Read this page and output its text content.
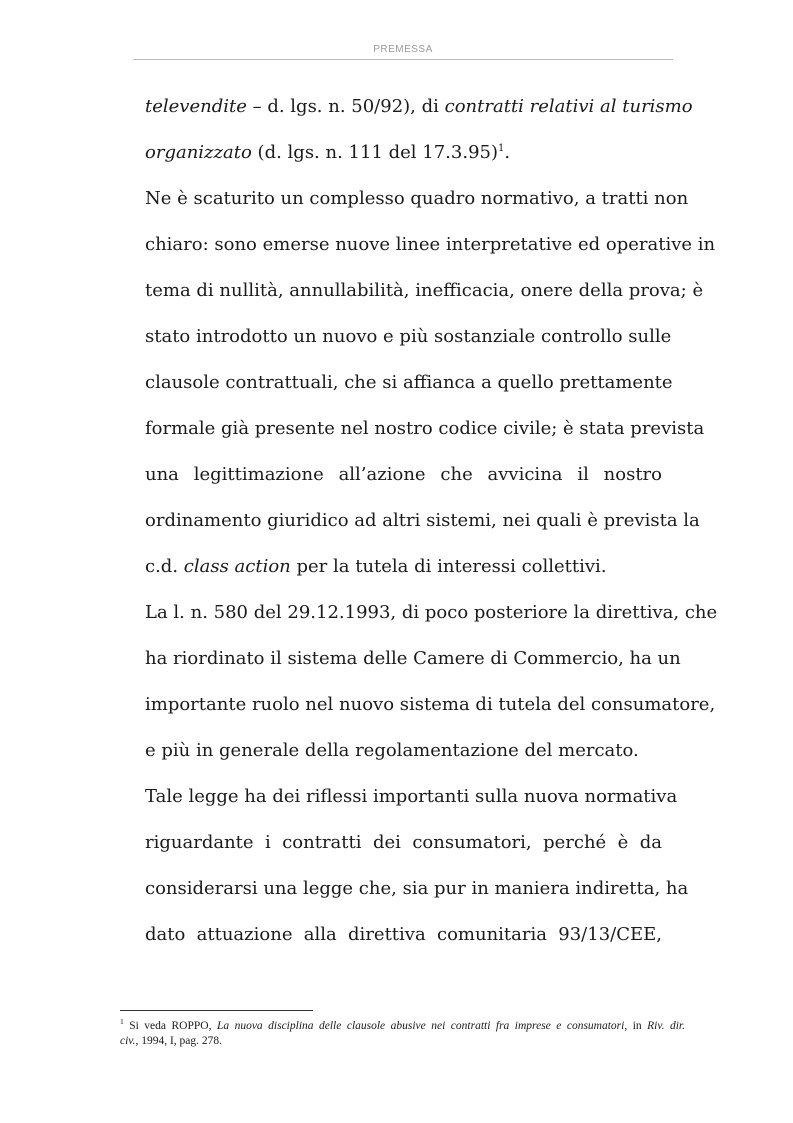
PREMESSA
televendite – d. lgs. n. 50/92), di contratti relativi al turismo
organizzato (d. lgs. n. 111 del 17.3.95)$^1$.
Ne è scaturito un complesso quadro normativo, a tratti non
chiaro: sono emerse nuove linee interpretative ed operative in
tema di nullità, annullabilità, inefficacia, onere della prova; è
stato introdotto un nuovo e più sostanziale controllo sulle
clausole contrattuali, che si affianca a quello prettamente
formale già presente nel nostro codice civile; è stata prevista
una legittimazione all’azione che avvicina il nostro
ordinamento giuridico ad altri sistemi, nei quali è prevista la
c.d. class action per la tutela di interessi collettivi.
La l. n. 580 del 29.12.1993, di poco posteriore la direttiva, che
ha riordinato il sistema delle Camere di Commercio, ha un
importante ruolo nel nuovo sistema di tutela del consumatore,
e più in generale della regolamentazione del mercato.
Tale legge ha dei riflessi importanti sulla nuova normativa
riguardante i contratti dei consumatori, perché è da
considerarsi una legge che, sia pur in maniera indiretta, ha
dato attuazione alla direttiva comunitaria 93/13/CEE,
$^1$ Si veda ROPPO, La nuova disciplina delle clausole abusive nei contratti fra imprese e consumatori, in Riv. dir.
civ., 1994, I, pag. 278.
